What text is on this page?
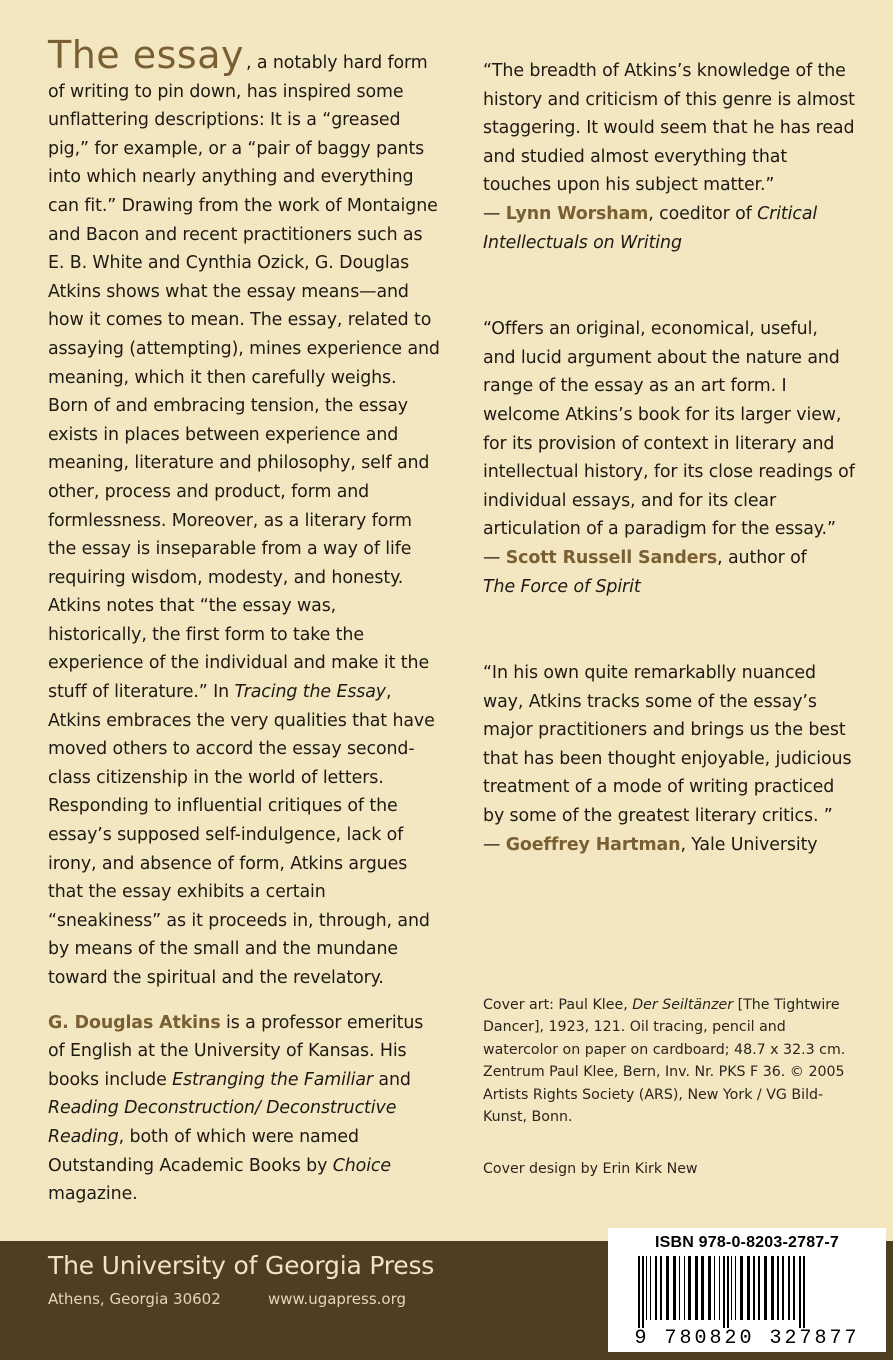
The essay , a notably hard form of writing to pin down, has inspired some unflattering descriptions: It is a “greased pig,” for example, or a “pair of baggy pants into which nearly anything and everything can fit.” Drawing from the work of Montaigne and Bacon and recent practitioners such as E. B. White and Cynthia Ozick, G. Douglas Atkins shows what the essay means—and how it comes to mean. The essay, related to assaying (attempting), mines experience and meaning, which it then carefully weighs. Born of and embracing tension, the essay exists in places between experience and meaning, literature and philosophy, self and other, process and product, form and formlessness. Moreover, as a literary form the essay is inseparable from a way of life requiring wisdom, modesty, and honesty. Atkins notes that “the essay was, historically, the first form to take the experience of the individual and make it the stuff of literature.” In Tracing the Essay, Atkins embraces the very qualities that have moved others to accord the essay second-class citizenship in the world of letters. Responding to influential critiques of the essay’s supposed self-indulgence, lack of irony, and absence of form, Atkins argues that the essay exhibits a certain “sneakiness” as it proceeds in, through, and by means of the small and the mundane toward the spiritual and the revelatory.

G. Douglas Atkins is a professor emeritus of English at the University of Kansas. His books include Estranging the Familiar and Reading Deconstruction/ Deconstructive Reading, both of which were named Outstanding Academic Books by Choice magazine.

“The breadth of Atkins’s knowledge of the history and criticism of this genre is almost staggering. It would seem that he has read and studied almost everything that touches upon his subject matter.”

— Lynn Worsham, coeditor of Critical Intellectuals on Writing

“Offers an original, economical, useful, and lucid argument about the nature and range of the essay as an art form. I welcome Atkins’s book for its larger view, for its provision of context in literary and intellectual history, for its close readings of individual essays, and for its clear articulation of a paradigm for the essay.”

— Scott Russell Sanders, author of
The Force of Spirit

“In his own quite remarkablly nuanced way, Atkins tracks some of the essay’s major practitioners and brings us the best that has been thought enjoyable, judicious treatment of a mode of writing practiced by some of the greatest literary critics. ”

— Goeffrey Hartman, Yale University

Cover art: Paul Klee, Der Seiltänzer [The Tightwire Dancer], 1923, 121. Oil tracing, pencil and watercolor on paper on cardboard; 48.7 x 32.3 cm. Zentrum Paul Klee, Bern, Inv. Nr. PKS F 36. © 2005 Artists Rights Society (ARS), New York / VG Bild-Kunst, Bonn.

Cover design by Erin Kirk New
The University of Georgia Press
Athens, Georgia 30602	www.ugapress.org
ISBN 978-0-8203-2787-7
9 780820 327877
